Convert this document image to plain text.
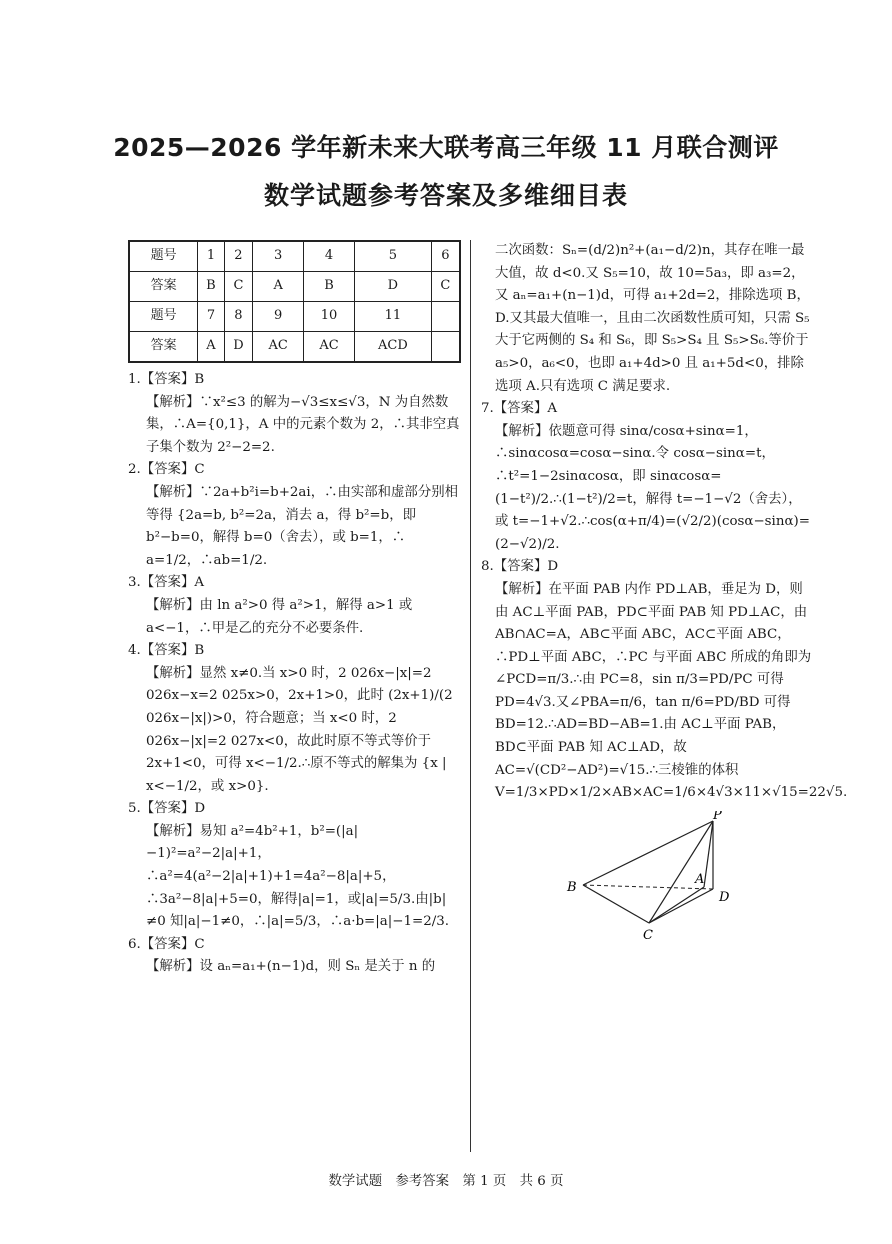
2025—2026 学年新未来大联考高三年级 11 月联合测评
数学试题参考答案及多维细目表
题号	1	2	3	4	5	6
答案	B	C	A	B	D	C
题号	7	8	9	10	11	
答案	A	D	AC	AC	ACD	
1.【答案】B
【解析】∵x²≤3 的解为−√3≤x≤√3，N 为自然数集，∴A={0,1}，A 中的元素个数为 2，∴其非空真子集个数为 2²−2=2.
2.【答案】C
【解析】∵2a+b²i=b+2ai，∴由实部和虚部分别相等得 {2a=b, b²=2a，消去 a，得 b²=b，即 b²−b=0，解得 b=0（舍去），或 b=1，∴ a=1/2，∴ab=1/2.
3.【答案】A
【解析】由 ln a²>0 得 a²>1，解得 a>1 或 a<−1，∴甲是乙的充分不必要条件.
4.【答案】B
【解析】显然 x≠0.当 x>0 时，2 026x−|x|=2 026x−x=2 025x>0，2x+1>0，此时 (2x+1)/(2 026x−|x|)>0，符合题意；当 x<0 时，2 026x−|x|=2 027x<0，故此时原不等式等价于 2x+1<0，可得 x<−1/2.∴原不等式的解集为 {x | x<−1/2，或 x>0}.
5.【答案】D
【解析】易知 a²=4b²+1，b²=(|a|−1)²=a²−2|a|+1，∴a²=4(a²−2|a|+1)+1=4a²−8|a|+5，∴3a²−8|a|+5=0，解得|a|=1，或|a|=5/3.由|b|≠0 知|a|−1≠0，∴|a|=5/3，∴a·b=|a|−1=2/3.
6.【答案】C
【解析】设 aₙ=a₁+(n−1)d，则 Sₙ 是关于 n 的
二次函数：Sₙ=(d/2)n²+(a₁−d/2)n，其存在唯一最大值，故 d<0.又 S₅=10，故 10=5a₃，即 a₃=2，又 aₙ=a₁+(n−1)d，可得 a₁+2d=2，排除选项 B，D.又其最大值唯一，且由二次函数性质可知，只需 S₅ 大于它两侧的 S₄ 和 S₆，即 S₅>S₄ 且 S₅>S₆.等价于 a₅>0，a₆<0，也即 a₁+4d>0 且 a₁+5d<0，排除选项 A.只有选项 C 满足要求.
7.【答案】A
【解析】依题意可得 sinα/cosα+sinα=1，∴sinαcosα=cosα−sinα.令 cosα−sinα=t，∴t²=1−2sinαcosα，即 sinαcosα=(1−t²)/2.∴(1−t²)/2=t，解得 t=−1−√2（舍去），或 t=−1+√2.∴cos(α+π/4)=(√2/2)(cosα−sinα)=(2−√2)/2.
8.【答案】D
【解析】在平面 PAB 内作 PD⊥AB，垂足为 D，则由 AC⊥平面 PAB，PD⊂平面 PAB 知 PD⊥AC，由 AB∩AC=A，AB⊂平面 ABC，AC⊂平面 ABC，∴PD⊥平面 ABC，∴PC 与平面 ABC 所成的角即为∠PCD=π/3.∴由 PC=8，sin π/3=PD/PC 可得 PD=4√3.又∠PBA=π/6，tan π/6=PD/BD 可得 BD=12.∴AD=BD−AB=1.由 AC⊥平面 PAB，BD⊂平面 PAB 知 AC⊥AD，故 AC=√(CD²−AD²)=√15.∴三棱锥的体积 V=1/3×PD×1/2×AB×AC=1/6×4√3×11×√15=22√5.
P
B
A
D
C
数学试题　参考答案　第 1 页　共 6 页
